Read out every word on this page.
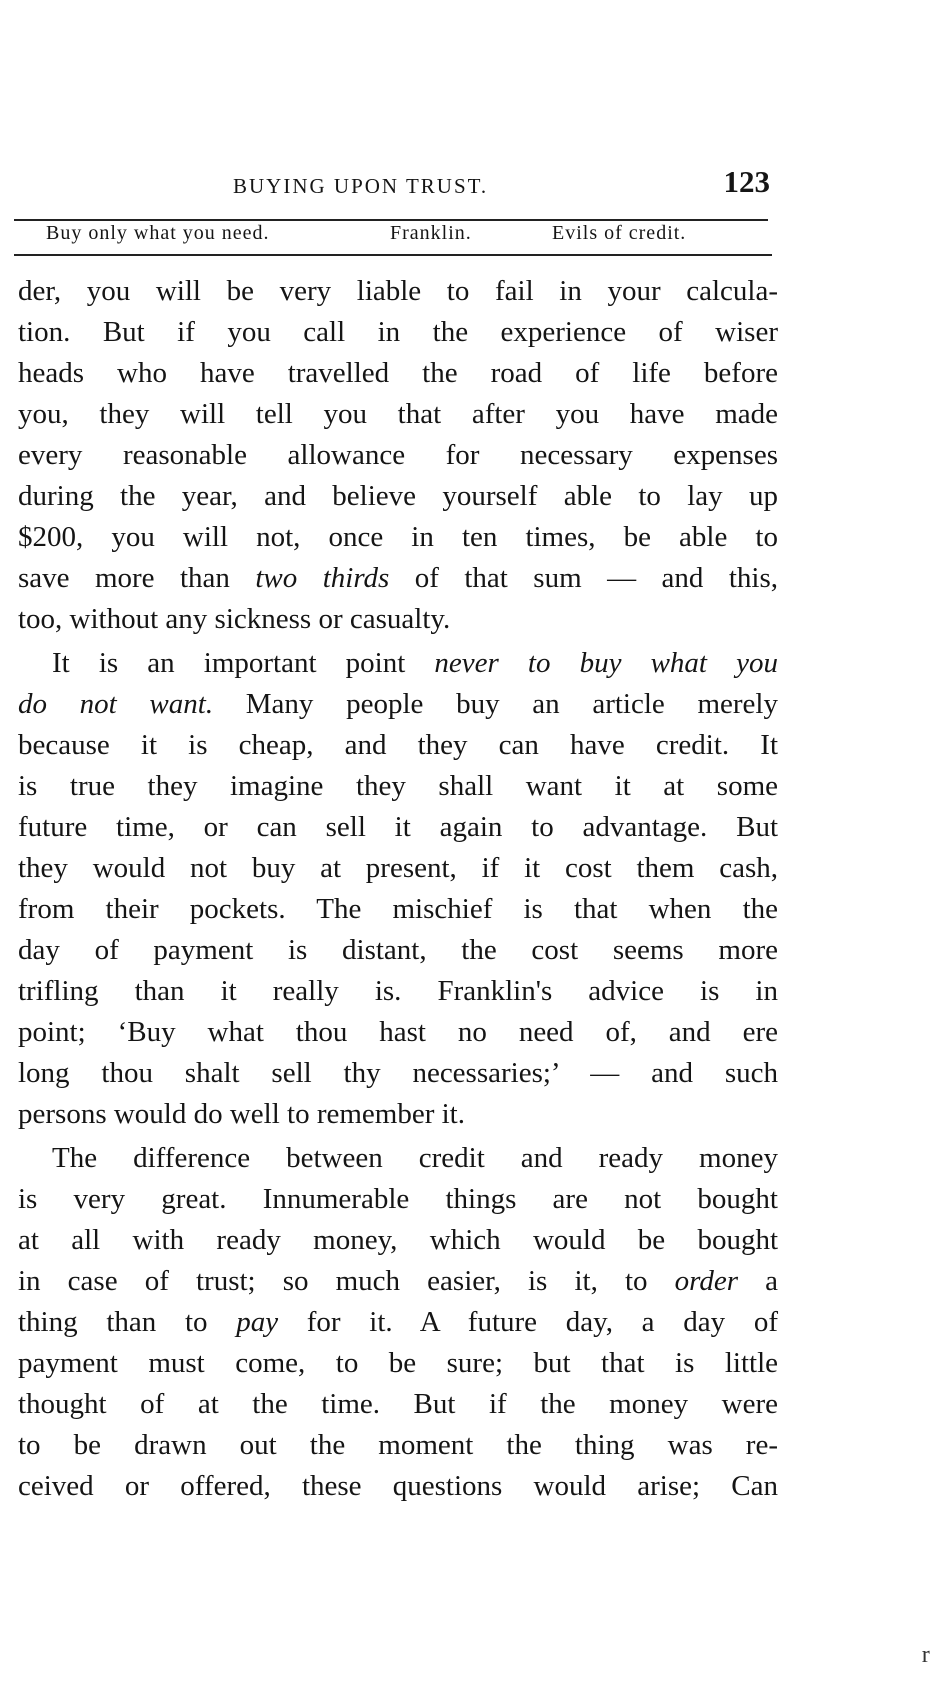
BUYING UPON TRUST.	123
Buy only what you need.	Franklin.	Evils of credit.
der, you will be very liable to fail in your calcula-
tion. But if you call in the experience of wiser
heads who have travelled the road of life before
you, they will tell you that after you have made
every reasonable allowance for necessary expenses
during the year, and believe yourself able to lay up
$200, you will not, once in ten times, be able to
save more than two thirds of that sum — and this,
too, without any sickness or casualty.
It is an important point never to buy what you
do not want. Many people buy an article merely
because it is cheap, and they can have credit. It
is true they imagine they shall want it at some
future time, or can sell it again to advantage. But
they would not buy at present, if it cost them cash,
from their pockets. The mischief is that when the
day of payment is distant, the cost seems more
trifling than it really is. Franklin's advice is in
point; ‘Buy what thou hast no need of, and ere
long thou shalt sell thy necessaries;’ — and such
persons would do well to remember it.
The difference between credit and ready money
is very great. Innumerable things are not bought
at all with ready money, which would be bought
in case of trust; so much easier, is it, to order a
thing than to pay for it. A future day, a day of
payment must come, to be sure; but that is little
thought of at the time. But if the money were
to be drawn out the moment the thing was re-
ceived or offered, these questions would arise; Can
ʳ
